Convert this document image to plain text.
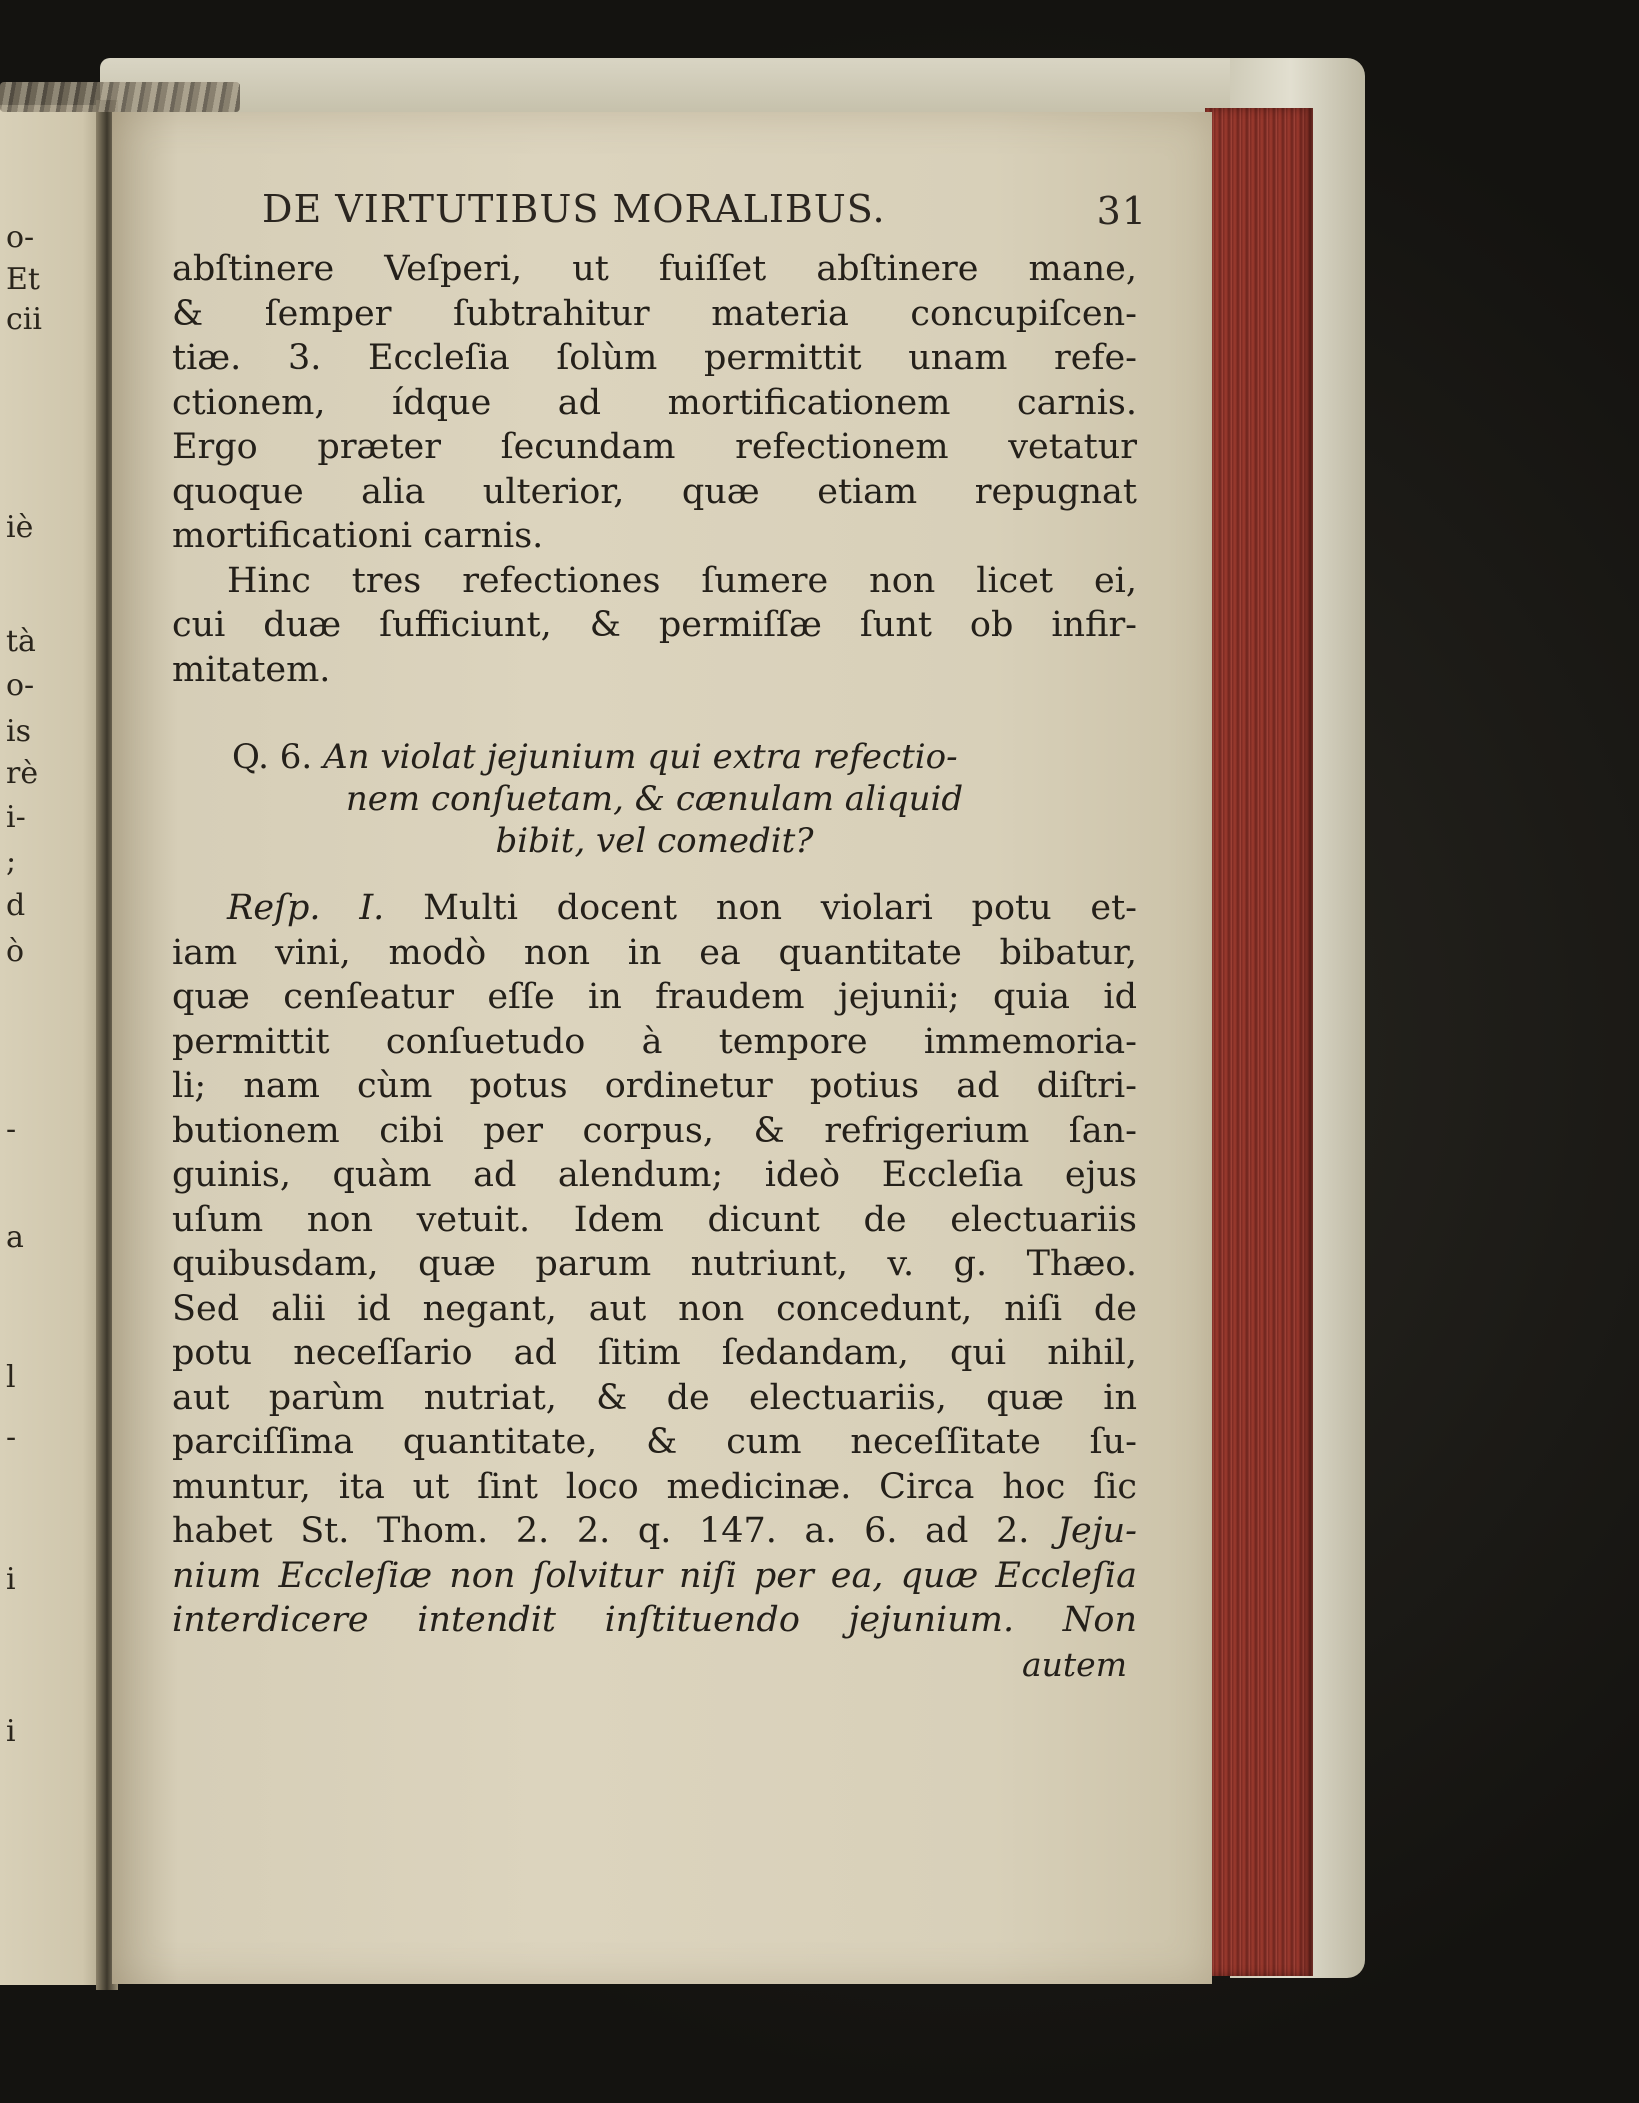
o-
Et
cii
iè
tà
o-
is
rè
i-
;
d
ò
-
a
i
l
-
i
DE VIRTUTIBUS MORALIBUS.	31
abſtinere Veſperi, ut fuiſſet abſtinere mane,
& ſemper ſubtrahitur materia concupiſcen-
tiæ. 3. Eccleſia ſolùm permittit unam refe-
ctionem, ídque ad mortificationem carnis.
Ergo præter ſecundam refectionem vetatur
quoque alia ulterior, quæ etiam repugnat
mortificationi carnis.
Hinc tres refectiones ſumere non licet ei,
cui duæ ſufficiunt, & permiſſæ ſunt ob infir-
mitatem.
Q. 6. An violat jejunium qui extra refectio-
nem conſuetam, & cænulam aliquid
bibit, vel comedit?
Reſp. I. Multi docent non violari potu et-
iam vini, modò non in ea quantitate bibatur,
quæ cenſeatur eſſe in fraudem jejunii; quia id
permittit conſuetudo à tempore immemoria-
li; nam cùm potus ordinetur potius ad diſtri-
butionem cibi per corpus, & refrigerium ſan-
guinis, quàm ad alendum; ideò Eccleſia ejus
uſum non vetuit. Idem dicunt de electuariis
quibusdam, quæ parum nutriunt, v. g. Thæo.
Sed alii id negant, aut non concedunt, niſi de
potu neceſſario ad ſitim ſedandam, qui nihil,
aut parùm nutriat, & de electuariis, quæ in
parciſſima quantitate, & cum neceſſitate ſu-
muntur, ita ut ſint loco medicinæ. Circa hoc ſic
habet St. Thom. 2. 2. q. 147. a. 6. ad 2. Jeju-
nium Eccleſiæ non ſolvitur niſi per ea, quæ Eccleſia
interdicere intendit inſtituendo jejunium. Non
autem
